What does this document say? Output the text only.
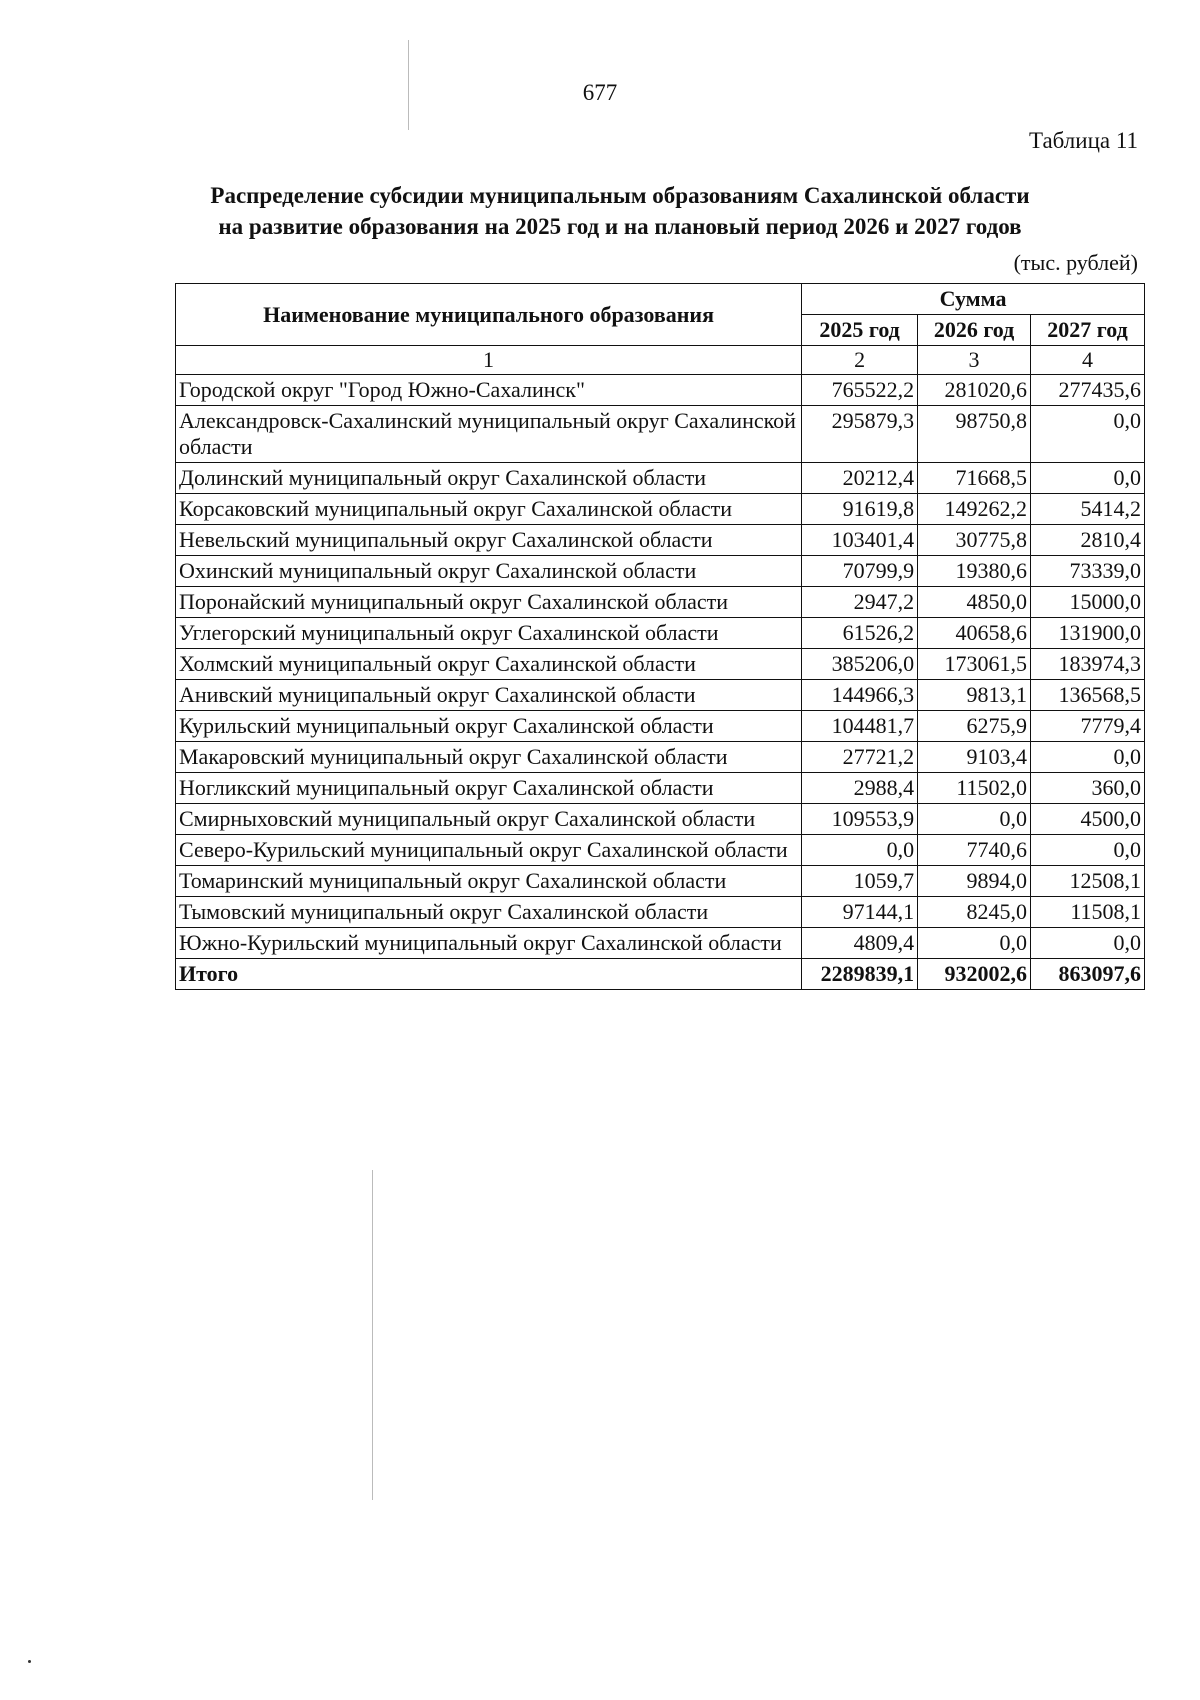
677
Таблица 11
Распределение субсидии муниципальным образованиям Сахалинской области
на развитие образования на 2025 год и на плановый период 2026 и 2027 годов
(тыс. рублей)
Наименование муниципального образования	Сумма		
	2025 год	2026 год	2027 год
1	2	3	4
Городской округ "Город Южно-Сахалинск"	765522,2	281020,6	277435,6
Александровск-Сахалинский муниципальный округ Сахалинской области	295879,3	98750,8	0,0
Долинский муниципальный округ Сахалинской области	20212,4	71668,5	0,0
Корсаковский муниципальный округ Сахалинской области	91619,8	149262,2	5414,2
Невельский муниципальный округ Сахалинской области	103401,4	30775,8	2810,4
Охинский муниципальный округ Сахалинской области	70799,9	19380,6	73339,0
Поронайский муниципальный округ Сахалинской области	2947,2	4850,0	15000,0
Углегорский муниципальный округ Сахалинской области	61526,2	40658,6	131900,0
Холмский муниципальный округ Сахалинской области	385206,0	173061,5	183974,3
Анивский муниципальный округ Сахалинской области	144966,3	9813,1	136568,5
Курильский муниципальный округ Сахалинской области	104481,7	6275,9	7779,4
Макаровский муниципальный округ Сахалинской области	27721,2	9103,4	0,0
Ногликский муниципальный округ Сахалинской области	2988,4	11502,0	360,0
Смирныховский муниципальный округ Сахалинской области	109553,9	0,0	4500,0
Северо-Курильский муниципальный округ Сахалинской области	0,0	7740,6	0,0
Томаринский муниципальный округ Сахалинской области	1059,7	9894,0	12508,1
Тымовский муниципальный округ Сахалинской области	97144,1	8245,0	11508,1
Южно-Курильский муниципальный округ Сахалинской области	4809,4	0,0	0,0
Итого	2289839,1	932002,6	863097,6
